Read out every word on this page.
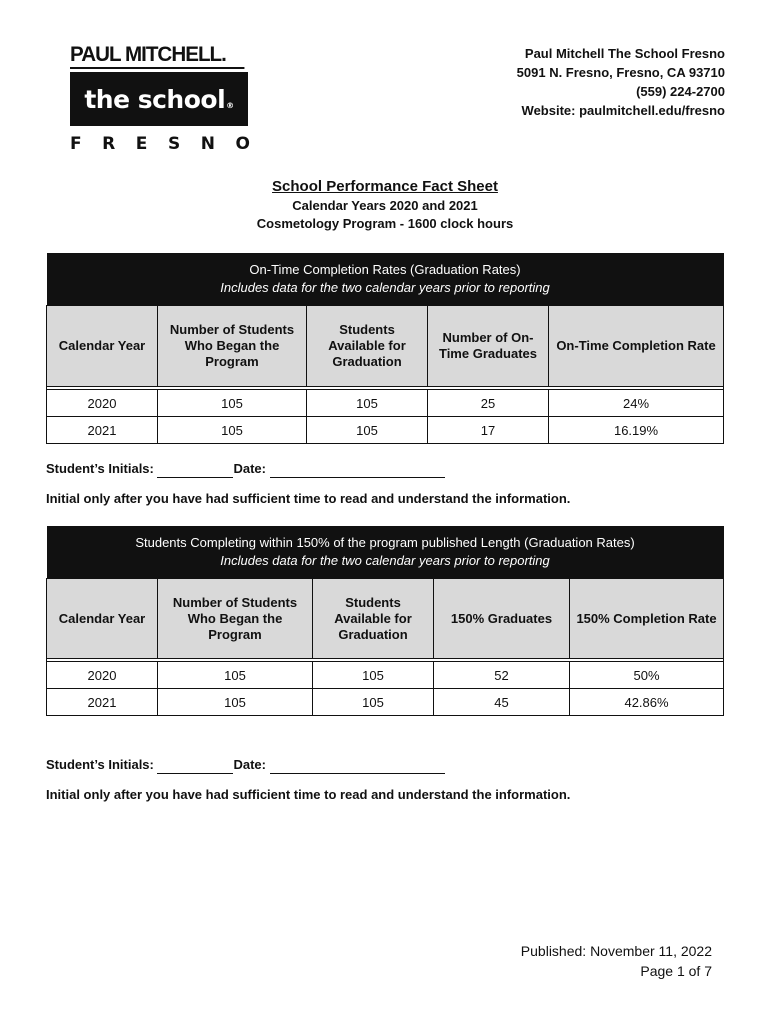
PAUL MITCHELL.
the school$_®$
F R E S N O
Paul Mitchell The School Fresno
5091 N. Fresno, Fresno, CA 93710
(559) 224-2700
Website: paulmitchell.edu/fresno
School Performance Fact Sheet
Calendar Years 2020 and 2021
Cosmetology Program - 1600 clock hours
On-Time Completion Rates (Graduation Rates)
Includes data for the two calendar years prior to reporting				

Calendar Year	Number of Students Who Began the Program	Students Available for Graduation	Number of On-Time Graduates	On-Time Completion Rate

2020	105	105	25	24%
2021	105	105	17	16.19%
Student’s Initials:	Date:
Initial only after you have had sufficient time to read and understand the information.
Students Completing within 150% of the program published Length (Graduation Rates)
Includes data for the two calendar years prior to reporting				

Calendar Year	Number of Students Who Began the Program	Students Available for Graduation	150% Graduates	150% Completion Rate

2020	105	105	52	50%
2021	105	105	45	42.86%
Student’s Initials:	Date:
Initial only after you have had sufficient time to read and understand the information.
Published: November 11, 2022
Page 1 of 7
